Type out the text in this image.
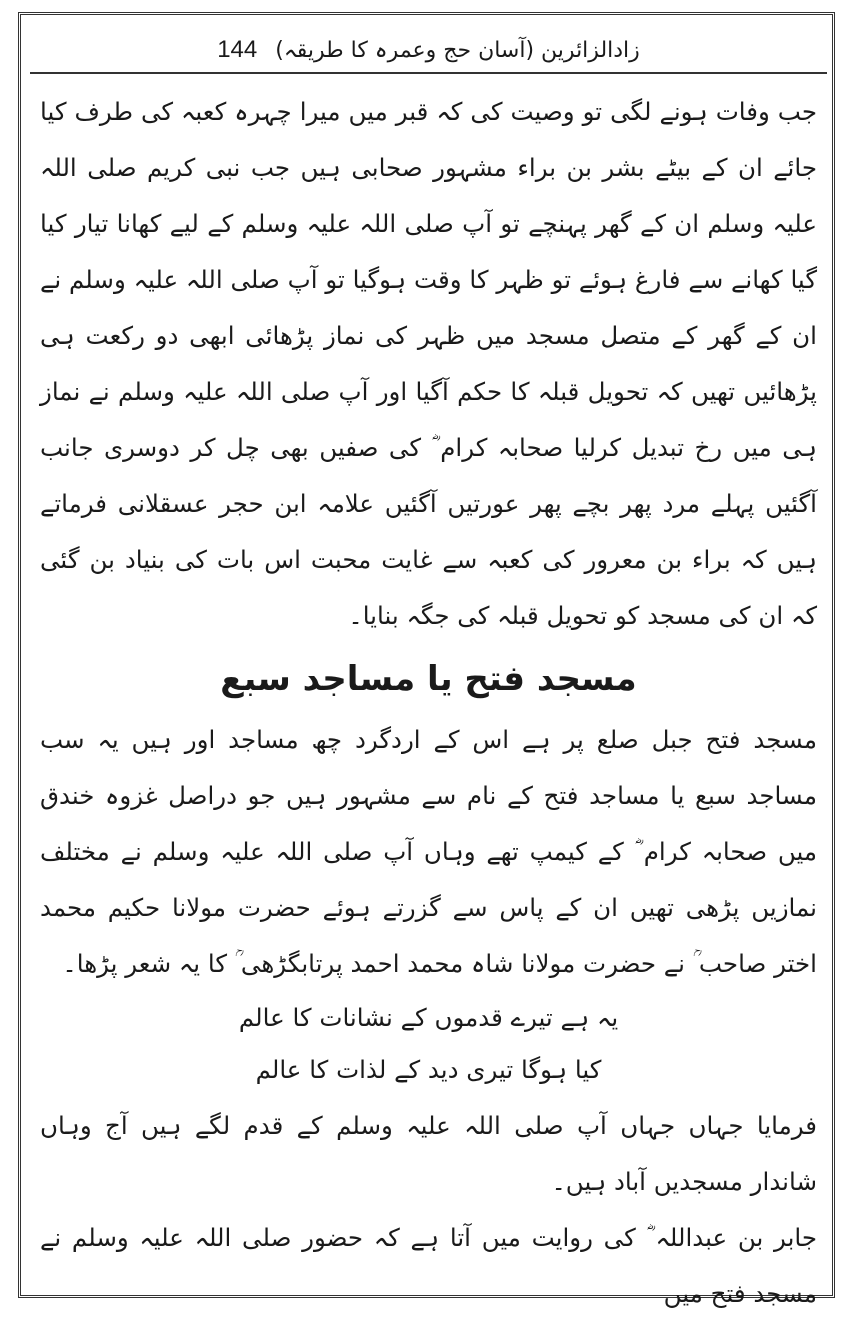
زادالزائرین (آسان حج وعمرہ کا طریقہ)
144

جب وفات ہونے لگی تو وصیت کی کہ قبر میں میرا چہرہ کعبہ کی طرف کیا جائے ان کے بیٹے بشر بن براء مشہور صحابی ہیں جب نبی کریم صلی اللہ علیہ وسلم ان کے گھر پہنچے تو آپ صلی اللہ علیہ وسلم کے لیے کھانا تیار کیا گیا کھانے سے فارغ ہوئے تو ظہر کا وقت ہوگیا تو آپ صلی اللہ علیہ وسلم نے ان کے گھر کے متصل مسجد میں ظہر کی نماز پڑھائی ابھی دو رکعت ہی پڑھائیں تھیں کہ تحویل قبلہ کا حکم آگیا اور آپ صلی اللہ علیہ وسلم نے نماز ہی میں رخ تبدیل کرلیا صحابہ کرام ؓ کی صفیں بھی چل کر دوسری جانب آگئیں پہلے مرد پھر بچے پھر عورتیں آگئیں علامہ ابن حجر عسقلانی فرماتے ہیں کہ براء بن معرور کی کعبہ سے غایت محبت اس بات کی بنیاد بن گئی کہ ان کی مسجد کو تحویل قبلہ کی جگہ بنایا۔

مسجد فتح یا مساجد سبع

مسجد فتح جبل صلع پر ہے اس کے اردگرد چھ مساجد اور ہیں یہ سب مساجد سبع یا مساجد فتح کے نام سے مشہور ہیں جو دراصل غزوہ خندق میں صحابہ کرام ؓ کے کیمپ تھے وہاں آپ صلی اللہ علیہ وسلم نے مختلف نمازیں پڑھی تھیں ان کے پاس سے گزرتے ہوئے حضرت مولانا حکیم محمد اختر صاحب ؒ نے حضرت مولانا شاہ محمد احمد پرتابگڑھی ؒ کا یہ شعر پڑھا۔

یہ ہے تیرے قدموں کے نشانات کا عالم

کیا ہوگا تیری دید کے لذات کا عالم

فرمایا جہاں جہاں آپ صلی اللہ علیہ وسلم کے قدم لگے ہیں آج وہاں شاندار مسجدیں آباد ہیں۔

جابر بن عبداللہ ؓ کی روایت میں آتا ہے کہ حضور صلی اللہ علیہ وسلم نے مسجد فتح میں
